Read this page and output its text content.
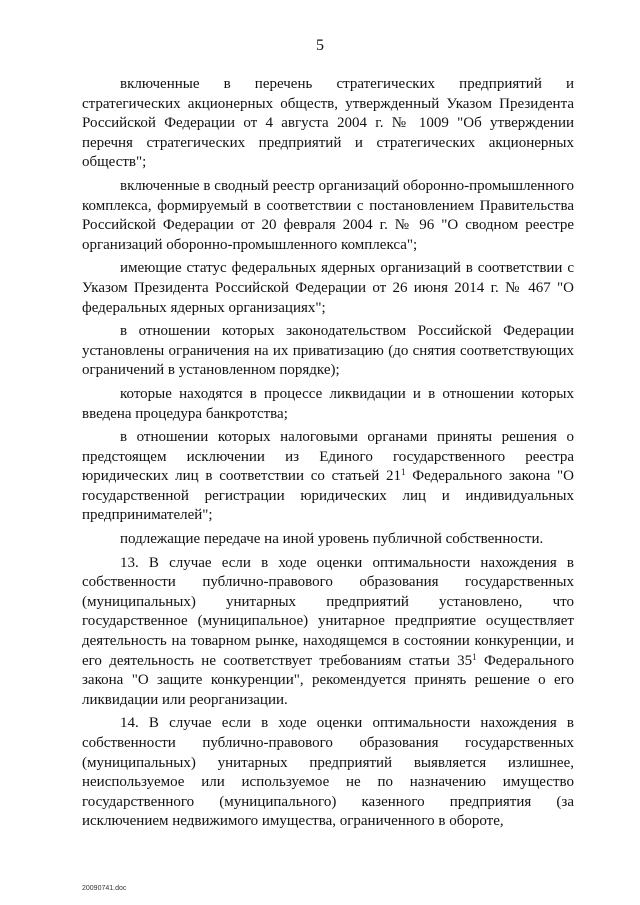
5

включенные в перечень стратегических предприятий и стратегических акционерных обществ, утвержденный Указом Президента Российской Федерации от 4 августа 2004 г. № 1009 "Об утверждении перечня стратегических предприятий и стратегических акционерных обществ";

включенные в сводный реестр организаций оборонно-промышленного комплекса, формируемый в соответствии с постановлением Правительства Российской Федерации от 20 февраля 2004 г. № 96 "О сводном реестре организаций оборонно-промышленного комплекса";

имеющие статус федеральных ядерных организаций в соответствии с Указом Президента Российской Федерации от 26 июня 2014 г. № 467 "О федеральных ядерных организациях";

в отношении которых законодательством Российской Федерации установлены ограничения на их приватизацию (до снятия соответствующих ограничений в установленном порядке);

которые находятся в процессе ликвидации и в отношении которых введена процедура банкротства;

в отношении которых налоговыми органами приняты решения о предстоящем исключении из Единого государственного реестра юридических лиц в соответствии со статьей $21^1$ Федерального закона "О государственной регистрации юридических лиц и индивидуальных предпринимателей";

подлежащие передаче на иной уровень публичной собственности.

13. В случае если в ходе оценки оптимальности нахождения в собственности публично-правового образования государственных (муниципальных) унитарных предприятий установлено, что государственное (муниципальное) унитарное предприятие осуществляет деятельность на товарном рынке, находящемся в состоянии конкуренции, и его деятельность не соответствует требованиям статьи $35^1$ Федерального закона "О защите конкуренции", рекомендуется принять решение о его ликвидации или реорганизации.

14. В случае если в ходе оценки оптимальности нахождения в собственности публично-правового образования государственных (муниципальных) унитарных предприятий выявляется излишнее, неиспользуемое или используемое не по назначению имущество государственного (муниципального) казенного предприятия (за исключением недвижимого имущества, ограниченного в обороте,

20090741.doc
